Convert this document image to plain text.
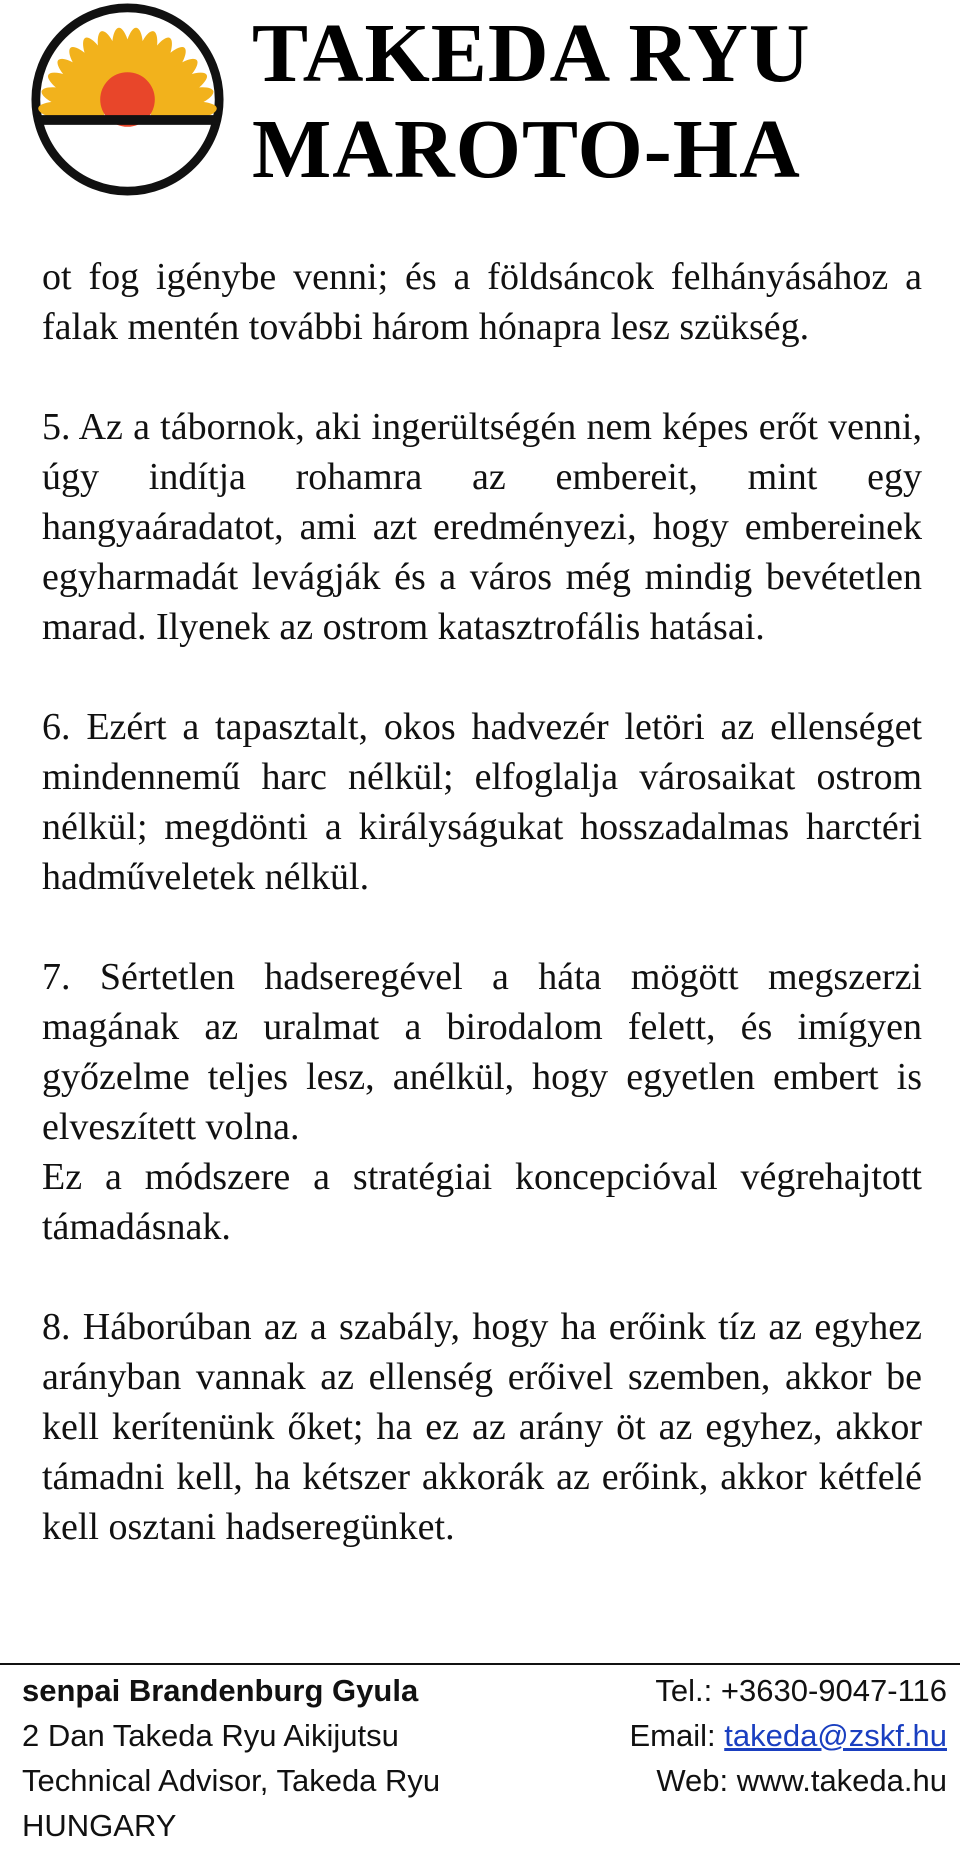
TAKEDA RYU
MAROTO-HA

ot fog igénybe venni; és a földsáncok felhányásához a falak mentén további három hónapra lesz szükség.

5. Az a tábornok, aki ingerültségén nem képes erőt venni, úgy indítja rohamra az embereit, mint egy hangyaáradatot, ami azt eredményezi, hogy embereinek egyharmadát levágják és a város még mindig bevétetlen marad. Ilyenek az ostrom katasztrofális hatásai.

6. Ezért a tapasztalt, okos hadvezér letöri az ellenséget mindennemű harc nélkül; elfoglalja városaikat ostrom nélkül; megdönti a királyságukat hosszadalmas harctéri hadműveletek nélkül.

7. Sértetlen hadseregével a háta mögött megszerzi magának az uralmat a birodalom felett, és imígyen győzelme teljes lesz, anélkül, hogy egyetlen embert is elveszített volna.

Ez a módszere a stratégiai koncepcióval végrehajtott támadásnak.

8. Háborúban az a szabály, hogy ha erőink tíz az egyhez arányban vannak az ellenség erőivel szemben, akkor be kell kerítenünk őket; ha ez az arány öt az egyhez, akkor támadni kell, ha kétszer akkorák az erőink, akkor kétfelé kell osztani hadseregünket.

senpai Brandenburg Gyula
2 Dan Takeda Ryu Aikijutsu
Technical Advisor, Takeda Ryu
HUNGARY
Tel.: +3630-9047-116
Email: takeda@zskf.hu
Web: www.takeda.hu
